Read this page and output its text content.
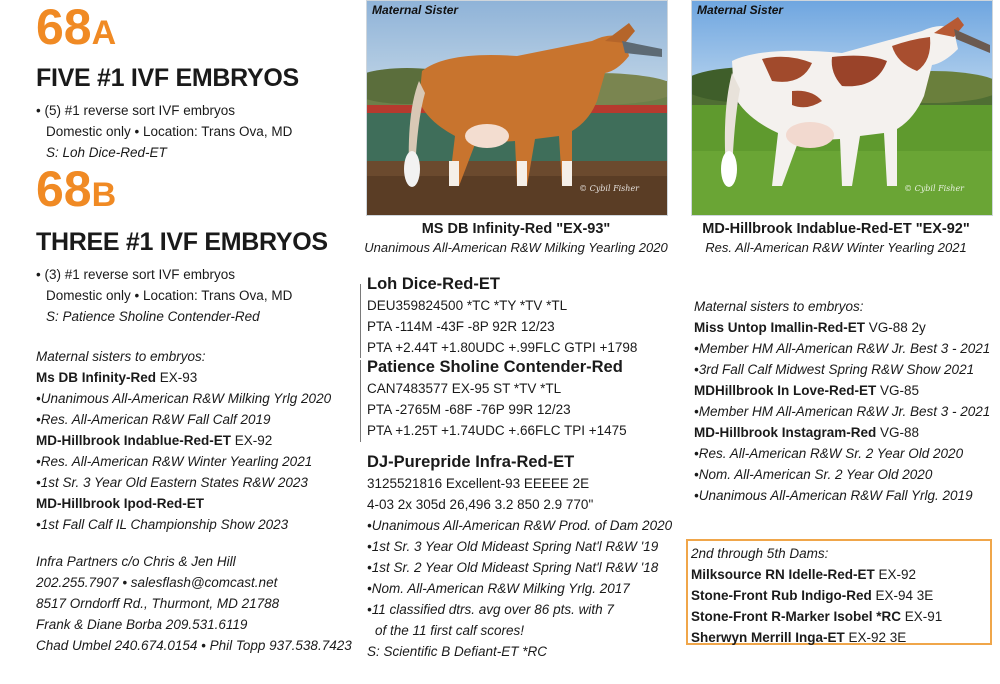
68A
FIVE #1 IVF EMBRYOS
• (5) #1 reverse sort IVF embryos
Domestic only • Location: Trans Ova, MD
S: Loh Dice-Red-ET
68B
THREE #1 IVF EMBRYOS
• (3) #1 reverse sort IVF embryos
Domestic only • Location: Trans Ova, MD
S: Patience Sholine Contender-Red
Maternal sisters to embryos:
Ms DB Infinity-Red EX-93
•Unanimous All-American R&W Milking Yrlg 2020
•Res. All-American R&W Fall Calf 2019
MD-Hillbrook Indablue-Red-ET EX-92
•Res. All-American R&W Winter Yearling 2021
•1st Sr. 3 Year Old Eastern States R&W 2023
MD-Hillbrook Ipod-Red-ET
•1st Fall Calf IL Championship Show 2023
Infra Partners c/o Chris & Jen Hill
202.255.7907 • salesflash@comcast.net
8517 Orndorff Rd., Thurmont, MD 21788
Frank & Diane Borba 209.531.6119
Chad Umbel 240.674.0154 • Phil Topp 937.538.7423
Maternal Sister
© Cybil Fisher
MS DB Infinity-Red "EX-93"
Unanimous All-American R&W Milking Yearling 2020
Maternal Sister
© Cybil Fisher
MD-Hillbrook Indablue-Red-ET "EX-92"
Res. All-American R&W Winter Yearling 2021
Loh Dice-Red-ET
DEU359824500 *TC *TY *TV *TL
PTA -114M -43F -8P 92R 12/23
PTA +2.44T +1.80UDC +.99FLC GTPI +1798
Patience Sholine Contender-Red
CAN7483577 EX-95 ST *TV *TL
PTA -2765M -68F -76P 99R 12/23
PTA +1.25T +1.74UDC +.66FLC TPI +1475
DJ-Purepride Infra-Red-ET
3125521816 Excellent-93 EEEEE 2E
4-03 2x 305d 26,496 3.2 850 2.9 770"
•Unanimous All-American R&W Prod. of Dam 2020
•1st Sr. 3 Year Old Mideast Spring Nat'l R&W '19
•1st Sr. 2 Year Old Mideast Spring Nat'l R&W '18
•Nom. All-American R&W Milking Yrlg. 2017
•11 classified dtrs. avg over 86 pts. with 7
of the 11 first calf scores!
S: Scientific B Defiant-ET *RC
Maternal sisters to embryos:
Miss Untop Imallin-Red-ET VG-88 2y
•Member HM All-American R&W Jr. Best 3 - 2021
•3rd Fall Calf Midwest Spring R&W Show 2021
MDHillbrook In Love-Red-ET VG-85
•Member HM All-American R&W Jr. Best 3 - 2021
MD-Hillbrook Instagram-Red VG-88
•Res. All-American R&W Sr. 2 Year Old 2020
•Nom. All-American Sr. 2 Year Old 2020
•Unanimous All-American R&W Fall Yrlg. 2019
2nd through 5th Dams:
Milksource RN Idelle-Red-ET EX-92
Stone-Front Rub Indigo-Red EX-94 3E
Stone-Front R-Marker Isobel *RC EX-91
Sherwyn Merrill Inga-ET EX-92 3E
